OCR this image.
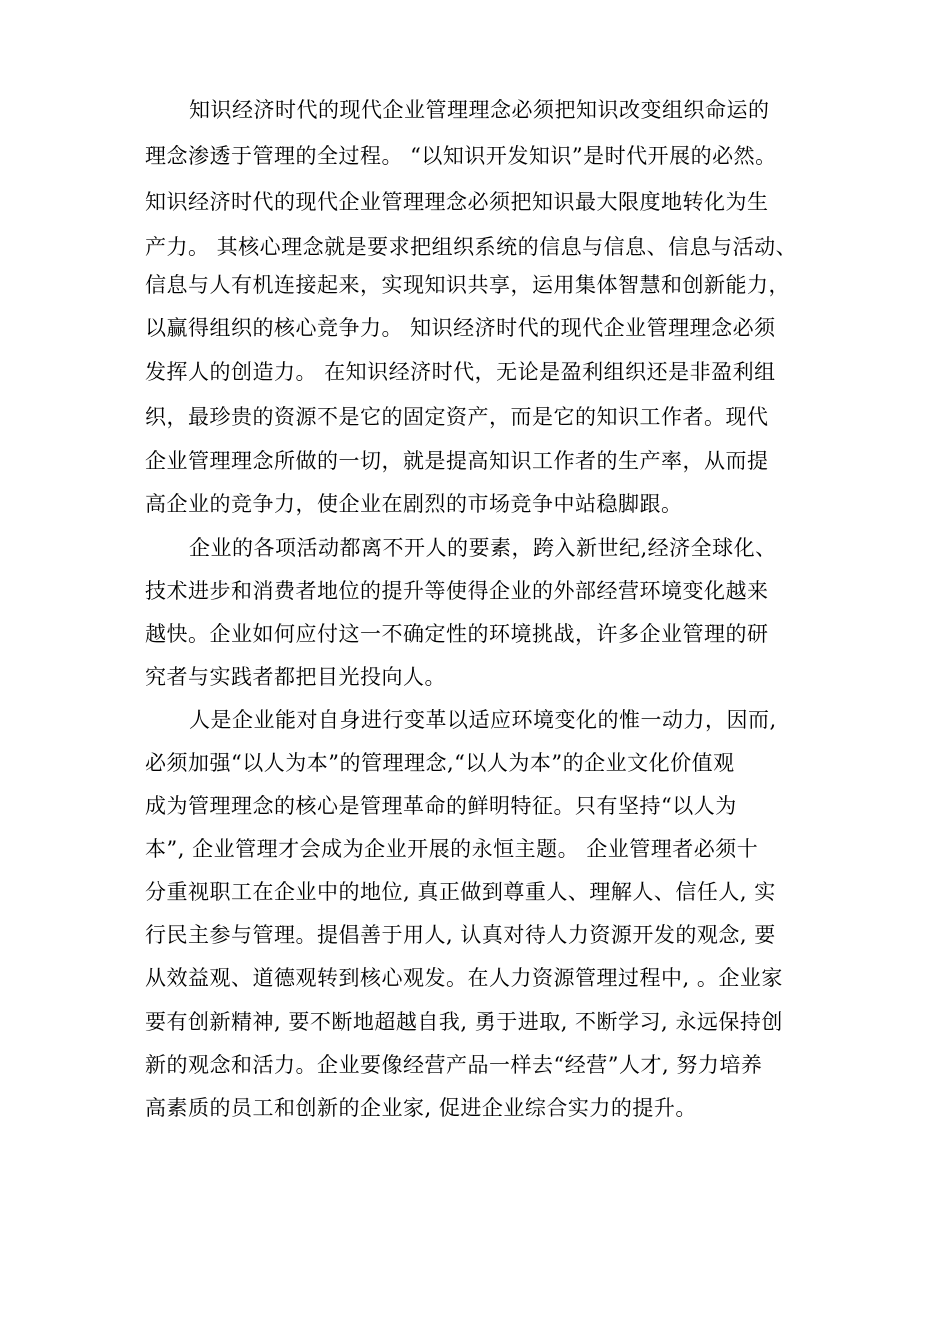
知识经济时代的现代企业管理理念必须把知识改变组织命运的
理念渗透于管理的全过程。 “以知识开发知识”是时代开展的必然。
知识经济时代的现代企业管理理念必须把知识最大限度地转化为生
产力。 其核心理念就是要求把组织系统的信息与信息、信息与活动、
信息与人有机连接起来，实现知识共享，运用集体智慧和创新能力，
以赢得组织的核心竞争力。 知识经济时代的现代企业管理理念必须
发挥人的创造力。 在知识经济时代，无论是盈利组织还是非盈利组
织，最珍贵的资源不是它的固定资产，而是它的知识工作者。现代
企业管理理念所做的一切，就是提高知识工作者的生产率，从而提
高企业的竞争力，使企业在剧烈的市场竞争中站稳脚跟。
企业的各项活动都离不开人的要素，跨入新世纪,经济全球化、
技术进步和消费者地位的提升等使得企业的外部经营环境变化越来
越快。企业如何应付这一不确定性的环境挑战，许多企业管理的研
究者与实践者都把目光投向人。
人是企业能对自身进行变革以适应环境变化的惟一动力，因而,
必须加强“以人为本”的管理理念,“以人为本”的企业文化价值观
成为管理理念的核心是管理革命的鲜明特征。只有坚持“以人为
本”, 企业管理才会成为企业开展的永恒主题。 企业管理者必须十
分重视职工在企业中的地位, 真正做到尊重人、理解人、信任人, 实
行民主参与管理。提倡善于用人, 认真对待人力资源开发的观念, 要
从效益观、道德观转到核心观发。在人力资源管理过程中, 。企业家
要有创新精神, 要不断地超越自我, 勇于进取, 不断学习, 永远保持创
新的观念和活力。企业要像经营产品一样去“经营”人才, 努力培养
高素质的员工和创新的企业家, 促进企业综合实力的提升。
